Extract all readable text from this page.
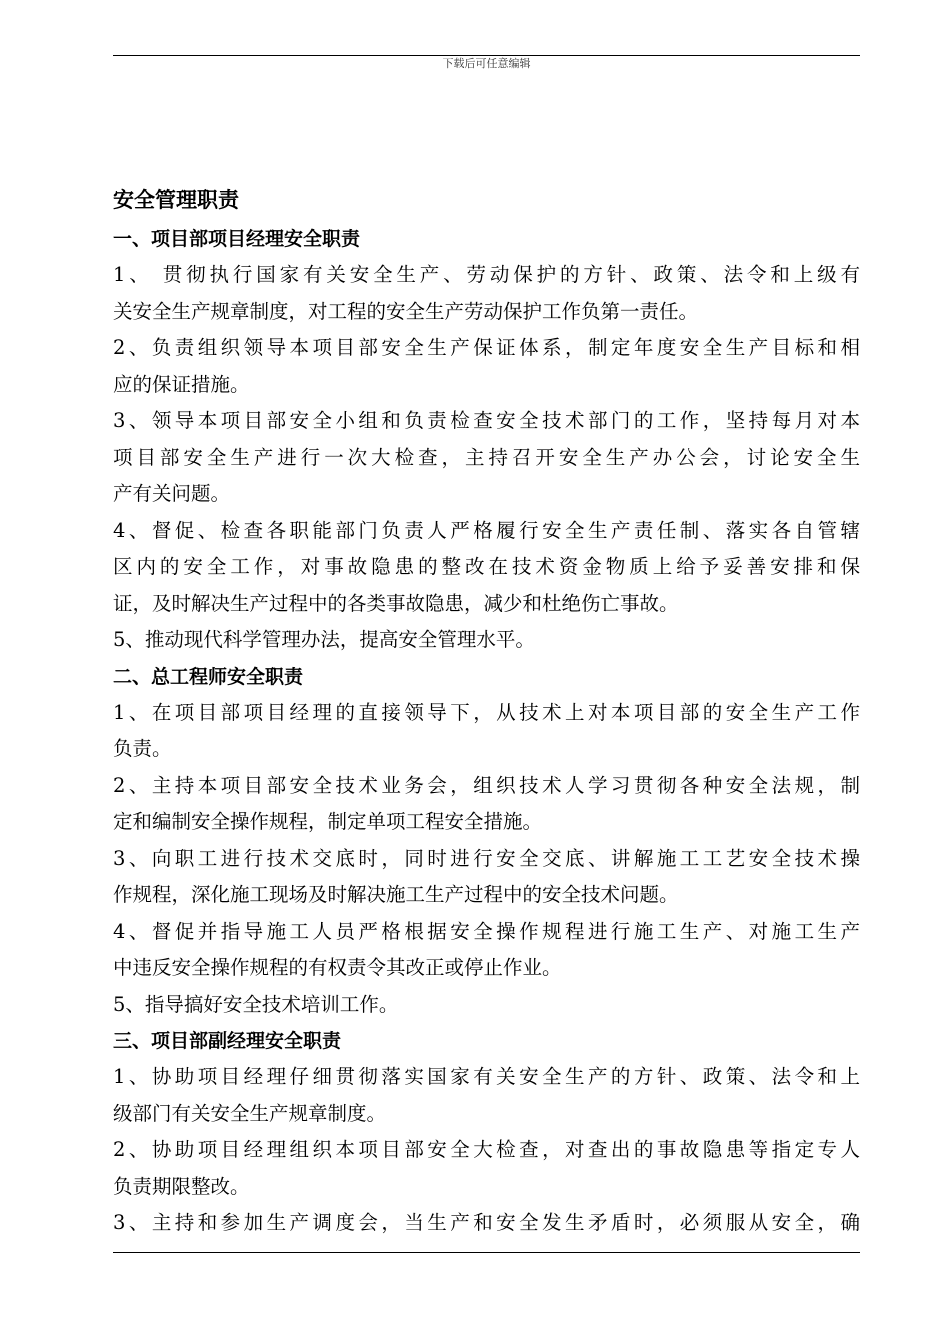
下载后可任意编辑
安全管理职责
一、项目部项目经理安全职责
1、 贯彻执行国家有关安全生产、劳动保护的方针、政策、法令和上级有
关安全生产规章制度，对工程的安全生产劳动保护工作负第一责任。
2、负责组织领导本项目部安全生产保证体系，制定年度安全生产目标和相
应的保证措施。
3、领导本项目部安全小组和负责检查安全技术部门的工作，坚持每月对本
项目部安全生产进行一次大检查，主持召开安全生产办公会，讨论安全生
产有关问题。
4、督促、检查各职能部门负责人严格履行安全生产责任制、落实各自管辖
区内的安全工作，对事故隐患的整改在技术资金物质上给予妥善安排和保
证，及时解决生产过程中的各类事故隐患，减少和杜绝伤亡事故。
5、推动现代科学管理办法，提高安全管理水平。
二、总工程师安全职责
1、在项目部项目经理的直接领导下，从技术上对本项目部的安全生产工作
负责。
2、主持本项目部安全技术业务会，组织技术人学习贯彻各种安全法规，制
定和编制安全操作规程，制定单项工程安全措施。
3、向职工进行技术交底时，同时进行安全交底、讲解施工工艺安全技术操
作规程，深化施工现场及时解决施工生产过程中的安全技术问题。
4、督促并指导施工人员严格根据安全操作规程进行施工生产、对施工生产
中违反安全操作规程的有权责令其改正或停止作业。
5、指导搞好安全技术培训工作。
三、项目部副经理安全职责
1、协助项目经理仔细贯彻落实国家有关安全生产的方针、政策、法令和上
级部门有关安全生产规章制度。
2、协助项目经理组织本项目部安全大检查，对查出的事故隐患等指定专人
负责期限整改。
3、主持和参加生产调度会，当生产和安全发生矛盾时，必须服从安全，确
